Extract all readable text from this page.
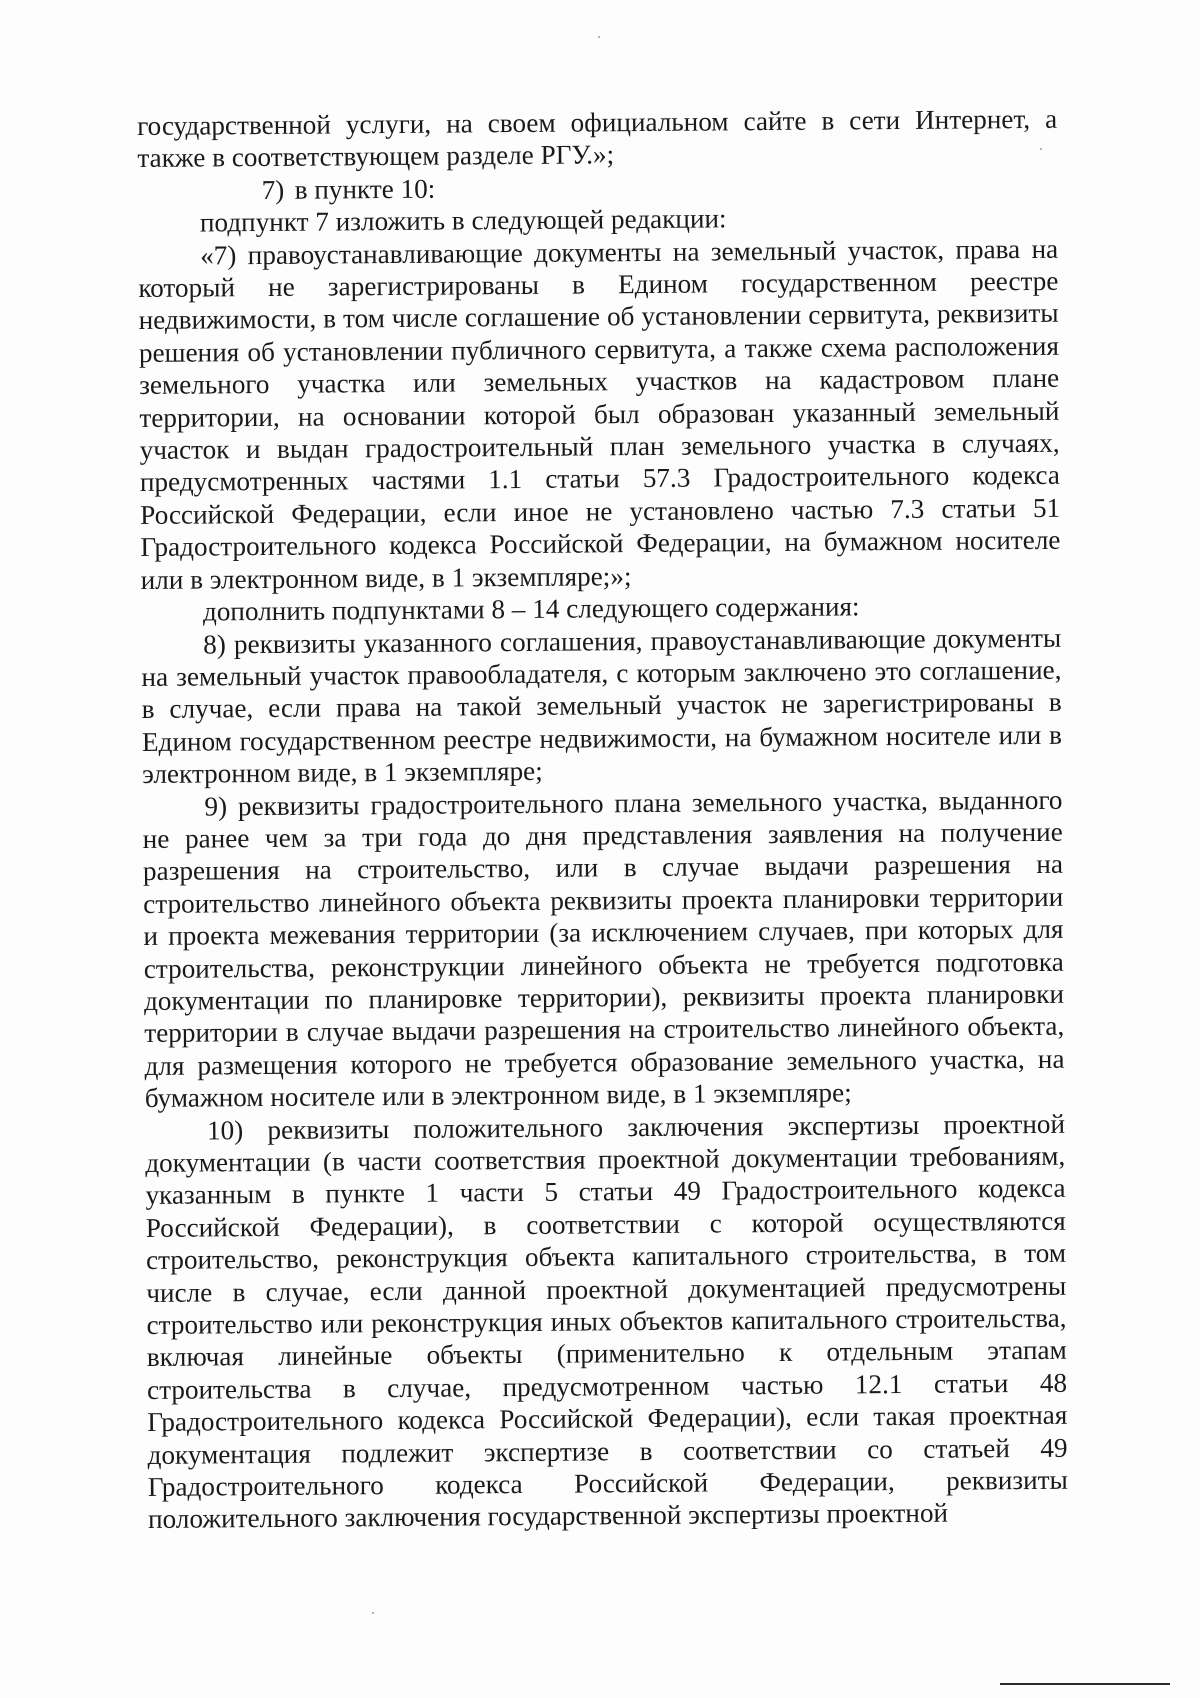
государственной услуги, на своем официальном сайте в сети Интернет, а также в соответствующем разделе РГУ.»;

7) в пункте 10:

подпункт 7 изложить в следующей редакции:

«7) правоустанавливающие документы на земельный участок, права на который не зарегистрированы в Едином государственном реестре недвижимости, в том числе соглашение об установлении сервитута, реквизиты решения об установлении публичного сервитута, а также схема расположения земельного участка или земельных участков на кадастровом плане территории, на основании которой был образован указанный земельный участок и выдан градостроительный план земельного участка в случаях, предусмотренных частями 1.1 статьи 57.3 Градостроительного кодекса Российской Федерации, если иное не установлено частью 7.3 статьи 51 Градостроительного кодекса Российской Федерации, на бумажном носителе или в электронном виде, в 1 экземпляре;»;

дополнить подпунктами 8 – 14 следующего содержания:

8) реквизиты указанного соглашения, правоустанавливающие документы на земельный участок правообладателя, с которым заключено это соглашение, в случае, если права на такой земельный участок не зарегистрированы в Едином государственном реестре недвижимости, на бумажном носителе или в электронном виде, в 1 экземпляре;

9) реквизиты градостроительного плана земельного участка, выданного не ранее чем за три года до дня представления заявления на получение разрешения на строительство, или в случае выдачи разрешения на строительство линейного объекта реквизиты проекта планировки территории и проекта межевания территории (за исключением случаев, при которых для строительства, реконструкции линейного объекта не требуется подготовка документации по планировке территории), реквизиты проекта планировки территории в случае выдачи разрешения на строительство линейного объекта, для размещения которого не требуется образование земельного участка, на бумажном носителе или в электронном виде, в 1 экземпляре;

10) реквизиты положительного заключения экспертизы проектной документации (в части соответствия проектной документации требованиям, указанным в пункте 1 части 5 статьи 49 Градостроительного кодекса Российской Федерации), в соответствии с которой осуществляются строительство, реконструкция объекта капитального строительства, в том числе в случае, если данной проектной документацией предусмотрены строительство или реконструкция иных объектов капитального строительства, включая линейные объекты (применительно к отдельным этапам строительства в случае, предусмотренном частью 12.1 статьи 48 Градостроительного кодекса Российской Федерации), если такая проектная документация подлежит экспертизе в соответствии со статьей 49 Градостроительного кодекса Российской Федерации, реквизиты положительного заключения государственной экспертизы проектной
